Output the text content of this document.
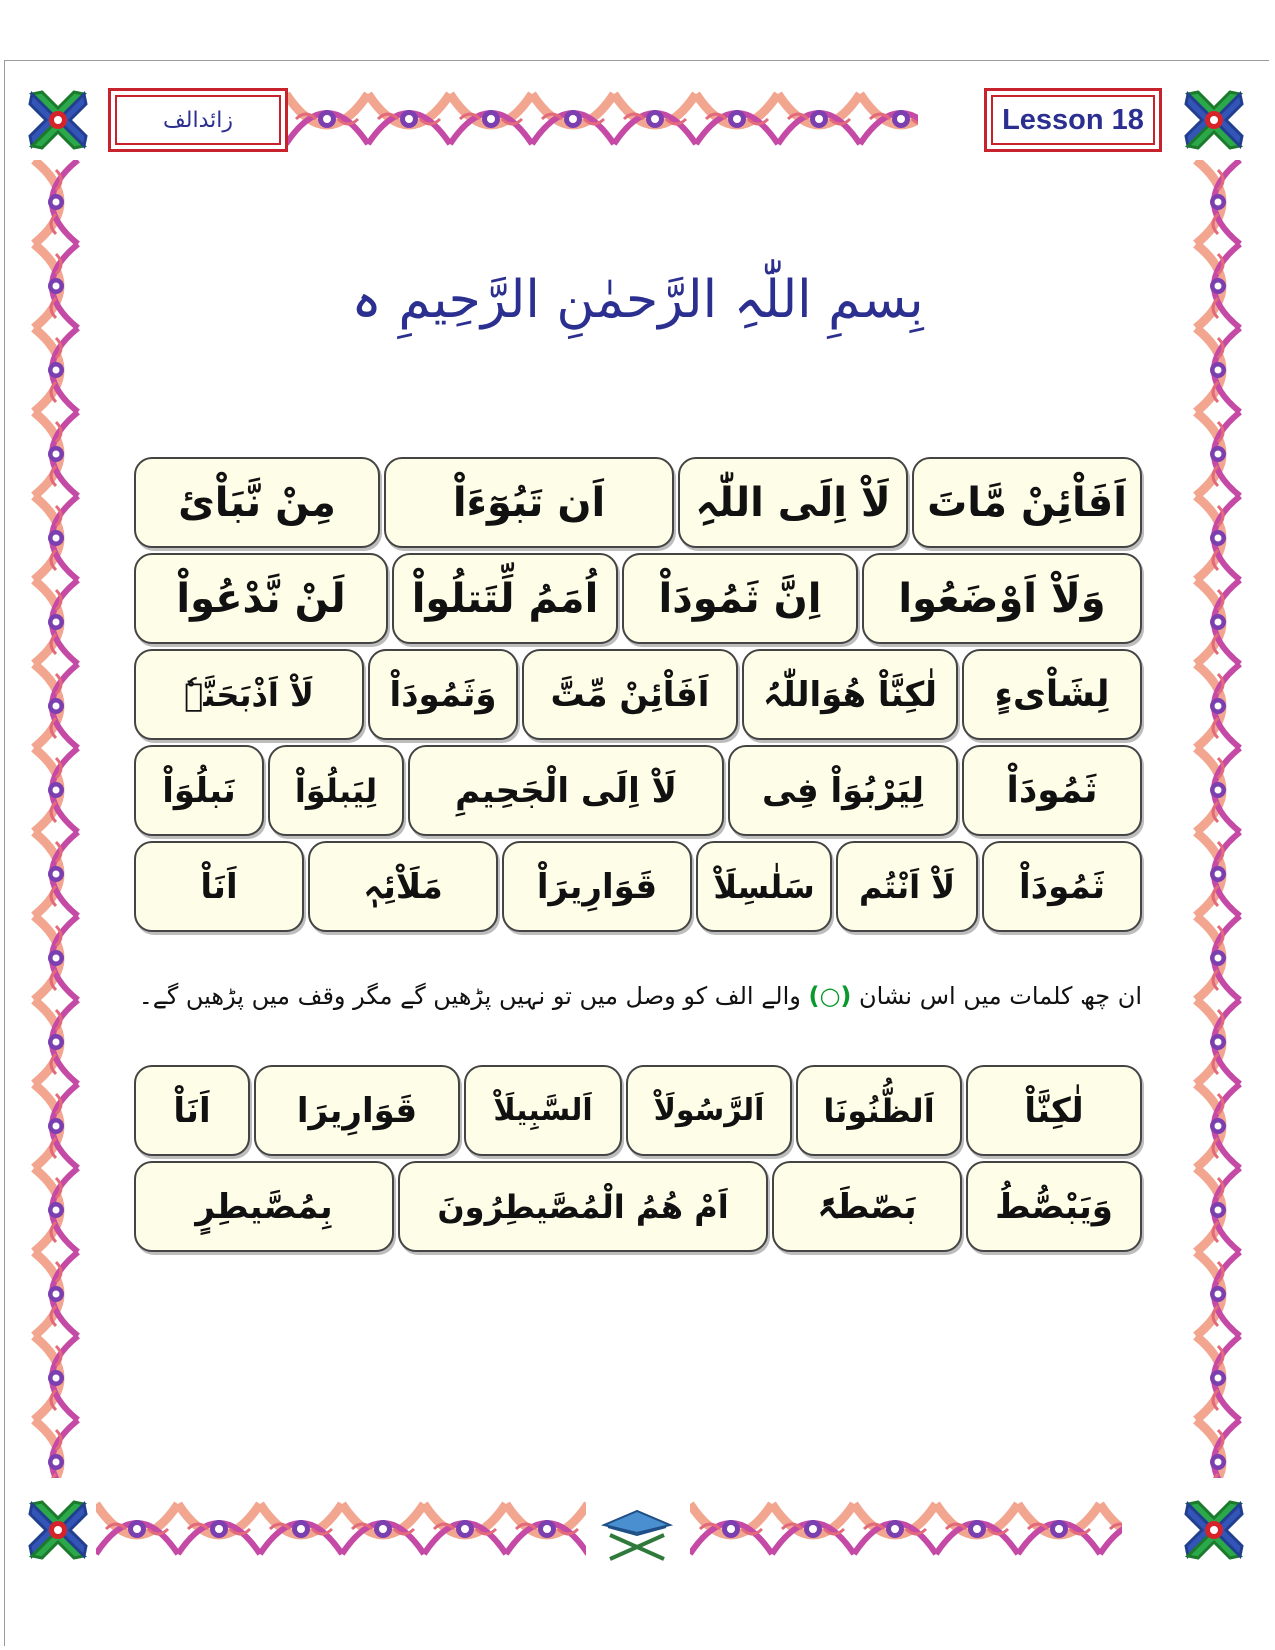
زائدالف	Lesson 18
بِسمِ اللّٰہِ الرَّحمٰنِ الرَّحِیمِ ہ
اَفَاْ‌ئِنْ مَّاتَ
لَاْ اِلَی اللّٰہِ
اَن تَبُوٓءَاْ
مِنْ نَّبَاْیٔ
وَلَاْ اَوْضَعُوا
اِنَّ ثَمُودَاْ
اُمَمُ لِّتَتلُواْ
لَنْ نَّدْعُواْ
لِشَاْیءٍ
لٰکِنَّاْ هُوَاللّٰہُ
اَفَاْئِنْ مِّتَّ
وَثَمُودَاْ
لَاْ اَذْبَحَنَّہٗ
ثَمُودَاْ
لِیَرْبُوَاْ فِی
لَاْ اِلَی الْجَحِیمِ
لِیَبلُوَاْ
نَبلُوَاْ
ثَمُودَاْ
لَاْ اَنْتُم
سَلٰسِلَاْ
قَوَارِیرَاْ
مَلَاْئِہٖ
اَنَاْ
ان چھ کلمات میں اس نشان (○) والے الف کو وصل میں تو نہیں پڑھیں گے مگر وقف میں پڑھیں گے۔
لٰکِنَّاْ
اَلظُّنُونَا
اَلرَّسُولَاْ
اَلسَّبِیلَاْ
قَوَارِیرَا
اَنَاْ
وَیَبْصُّطُ
بَصّطَۃً
اَمْ هُمُ الْمُصَّیطِرُونَ
بِمُصَّیطِرٍ
